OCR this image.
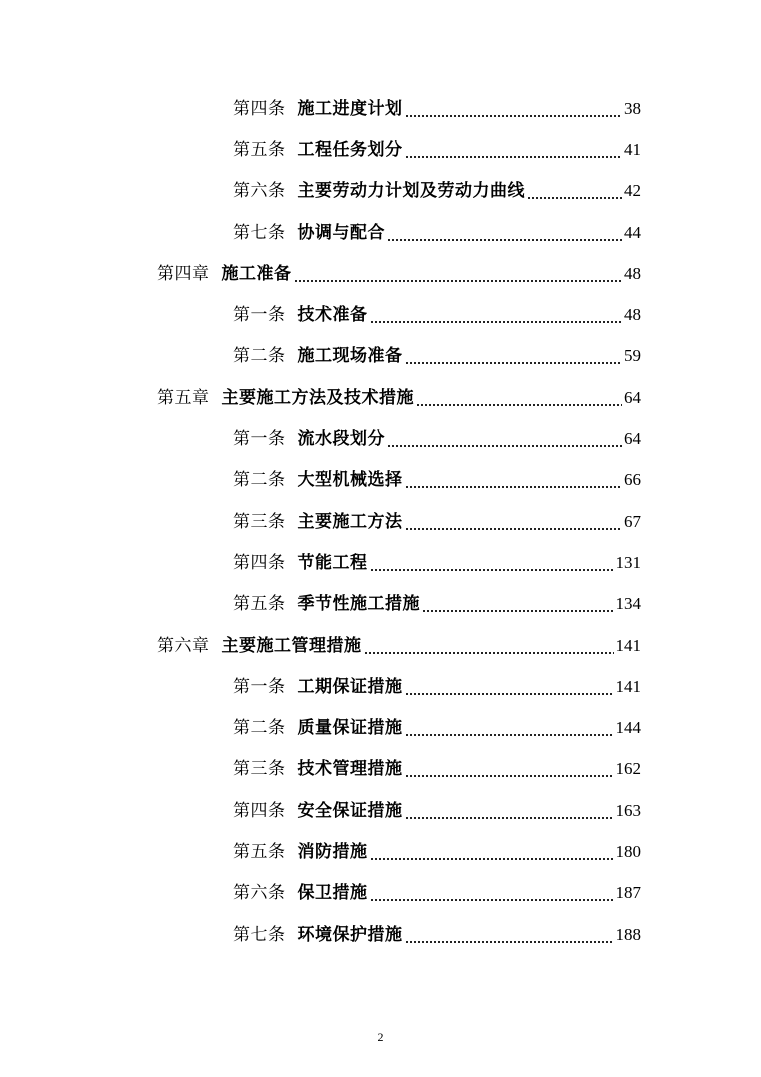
第四条 施工进度计划	38
第五条 工程任务划分	41
第六条 主要劳动力计划及劳动力曲线	42
第七条 协调与配合	44
第四章 施工准备	48
第一条 技术准备	48
第二条 施工现场准备	59
第五章 主要施工方法及技术措施	64
第一条 流水段划分	64
第二条 大型机械选择	66
第三条 主要施工方法	67
第四条 节能工程	131
第五条 季节性施工措施	134
第六章 主要施工管理措施	141
第一条 工期保证措施	141
第二条 质量保证措施	144
第三条 技术管理措施	162
第四条 安全保证措施	163
第五条 消防措施	180
第六条 保卫措施	187
第七条 环境保护措施	188
2
